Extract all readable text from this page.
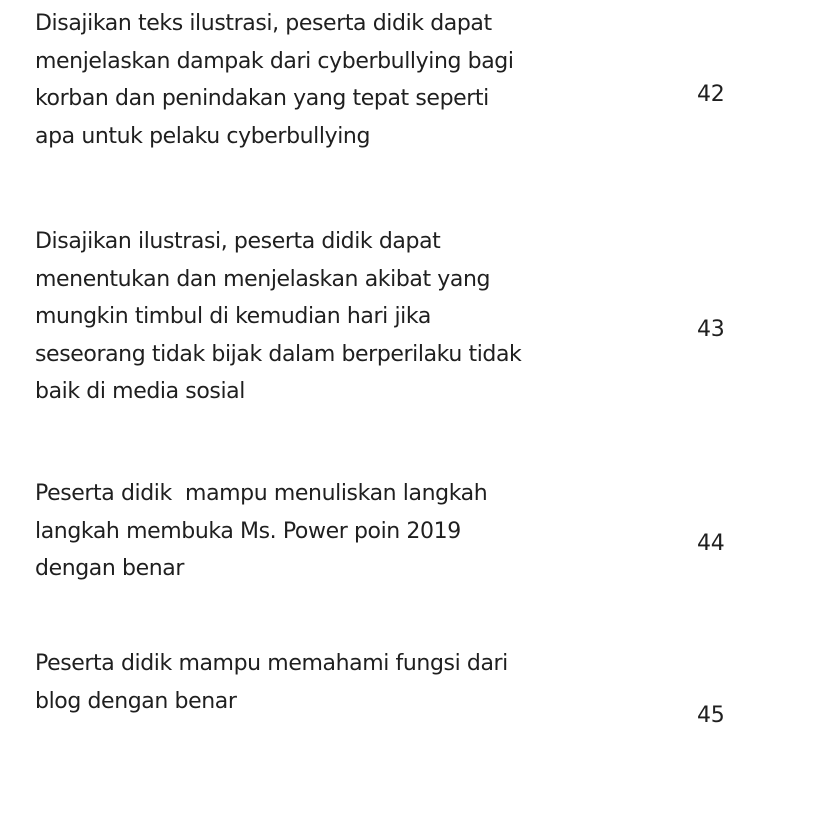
Disajikan teks ilustrasi, peserta didik dapat
menjelaskan dampak dari cyberbullying bagi
korban dan penindakan yang tepat seperti
apa untuk pelaku cyberbullying

42

Disajikan ilustrasi, peserta didik dapat
menentukan dan menjelaskan akibat yang
mungkin timbul di kemudian hari jika
seseorang tidak bijak dalam berperilaku tidak
baik di media sosial

43

Peserta didik  mampu menuliskan langkah
langkah membuka Ms. Power poin 2019
dengan benar

44

Peserta didik mampu memahami fungsi dari
blog dengan benar

45
